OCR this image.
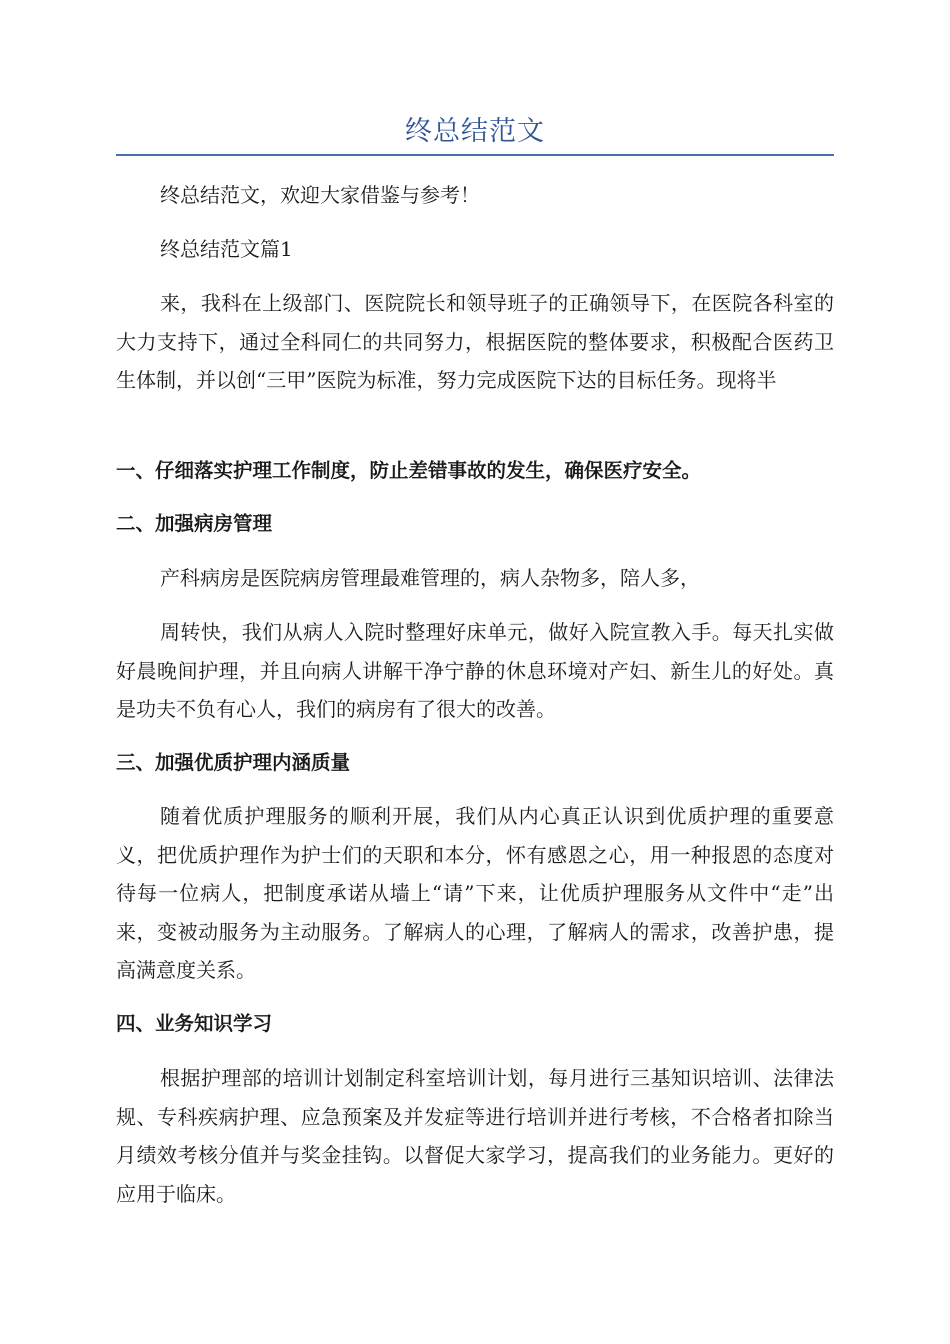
终总结范文

终总结范文，欢迎大家借鉴与参考！

终总结范文篇1

来，我科在上级部门、医院院长和领导班子的正确领导下，在医院各科室的大力支持下，通过全科同仁的共同努力，根据医院的整体要求，积极配合医药卫生体制，并以创“三甲”医院为标准，努力完成医院下达的目标任务。现将半

一、仔细落实护理工作制度，防止差错事故的发生，确保医疗安全。

二、加强病房管理

产科病房是医院病房管理最难管理的，病人杂物多，陪人多，

周转快，我们从病人入院时整理好床单元，做好入院宣教入手。每天扎实做好晨晚间护理，并且向病人讲解干净宁静的休息环境对产妇、新生儿的好处。真是功夫不负有心人，我们的病房有了很大的改善。

三、加强优质护理内涵质量

随着优质护理服务的顺利开展，我们从内心真正认识到优质护理的重要意义，把优质护理作为护士们的天职和本分，怀有感恩之心，用一种报恩的态度对待每一位病人，把制度承诺从墙上“请”下来，让优质护理服务从文件中“走”出来，变被动服务为主动服务。了解病人的心理，了解病人的需求，改善护患，提高满意度关系。

四、业务知识学习

根据护理部的培训计划制定科室培训计划，每月进行三基知识培训、法律法规、专科疾病护理、应急预案及并发症等进行培训并进行考核，不合格者扣除当月绩效考核分值并与奖金挂钩。以督促大家学习，提高我们的业务能力。更好的应用于临床。
